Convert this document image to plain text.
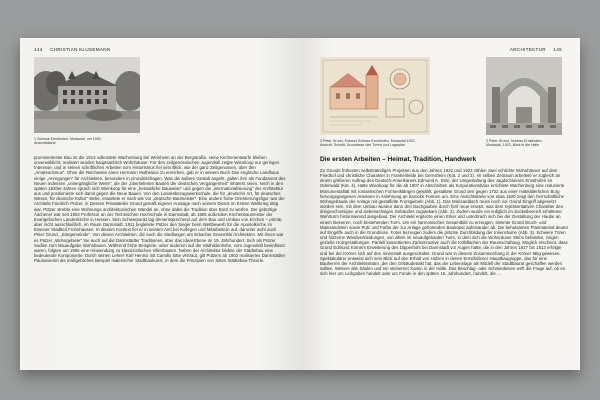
144 CHRISTIAN KLUSEMANN
1 Schloss Ernsthofen, Modautal, um 1990, Ansichtskarte
prominentester Bau ist die 1913 vollendete Wachenburg bei Weinheim an der Bergstraße, seine Kirchenentwürfe blieben unverwirklicht, realisiert wurden hauptsächlich Wohnhäuser. Für den zeitgenössischen Jugendstil zeigte Wienkoop nur geringes Interesse, und in seinen schriftlichen Arbeiten vom Historismus fiel sein Blick, wie der ganz Zeitgenossen, über den „Amateurismus“. Ohne die Reichweite eines Hermann Muthesius zu erreichen, gab er in seinem Buch Das englische Landhaus einige „Anregungen“ für Architekten, besonders in Grundrissfragen. Was die äußere Gestalt angeht, galten ihm als Fundament des Neuen indessen „unvergängliche Werte“, die der „überlieferten Bauten der deutschen Vergangenheit“ inhärent seien. Noch in den späten 1920er-Jahren sprach sich Wienkoop für eine „heimatliche Bauweise“ und gegen die „internationalisierung“ der Architektur aus und positionierte sich damit gegen die Neue Bauen. Von den Landesbezugswerkschule, die für „deutsche Art, für deutsches Wesen, für deutsche Kultur“ stehe, erwartete er nach wie vor „deutsche Baumeister“. Eine andere frühe Orientierungsfigur war der Architekt Friedrich Pützer, in Dessen Privatatelier Grund gemäß eigener Aussage nach seinem Dienst im Ersten Weltkrieg tätig war. Pützer strebte eine Wohnungs architektonischen Wandel an, ohne dabei die Tradition über Bord zu werfen. Der gebürtige Aachener war seit 1902 Professor an der Technischen Hochschule in Darmstadt, ab 1905 außerdem Kirchenbaumeister der Evangelischen Landeskirche in Hessen. Sein Schwerpunkt lag dementsprechend auf dem Bau und Umbau von Kirchen – primär, aber nicht ausschließlich, im Raum Darmstadt. 1911 begleitete Pützer den Sieger beim Wettbewerb für die Apostelkirche im Essener Stadtteil Frohnhausen. In diesem Kontext fiel er in seinem Amt bei Kollegen und Mitarbeitern auf, darunter wohl auch Peter Grund, „Stürgemeinde“. Von diesen Architekten, die auch die Siedlungen am Erbacher Ensemble Architekten. Mit ihnen war es Pützer „Wohngebiete“ Sie auch auf die Darmstädter Traditionen, aber das Ideal-Ebene im 19. Jahrhundert. Sich als Pützer Sudien zum Bauaufgabe Wohnbauen. Während frühe Beispiele, unter anderem auf der Mathildenhöhe, vom Jugendstil beeinflusst waren, folgten um 1906 eine Hinwendung zu klassizistischen Villenbauten. Neben der Architektur bildete der Städtebau eine bedeutende Komponente. Durch seinen Lehrer Karl Henrici mit Camillo Sitte vertraut, gilt Pützers ab 1902 realisiertes Darmstädter Paulusviertel als maßgebliches Beispiel malerischer Stadtbaukunst, in dem die Prinzipien von Sittes Städtebau-Theorie.
ARCHITEKTUR 145
2 Peter Grund, Entwurf Schloss Ernsthofen, Modautal 1922, Ansicht, Schnitt, Grundrisse des Turms und Lageplan
3 Peter Grund, Schloss Ernsthofen, Modautal, 1922, Blick in die Halle
Die ersten Arbeiten – Heimat, Tradition, Handwerk
Zu Grunds frühesten selbstständigen Projekten aus den Jahren 1922 und 1923 zählen zwei schlichte Wohnhäuser auf dem Friedhof und christliche Charakter in Frankenfelde bei Gernsheim (Kat. 2 und 3). Im selben Zeitraum arbeitete er zugleich an einem größeren Auftrag des Deutsch-Amerikaners Edmund A. Stirn, der Umgestaltung des Jagdschlosses Ernsthofen im Odenwald (Kat. 4). Hatte Wienkoop für die ab 1907 in Abschnitten als Korporationshaus errichtete Wachenburg eine reduzierte Monumentalität mit romantischen Formenklängen gewählt, gestaltete Grund den gegen 1722 aus einer mittelalterlichen Burg hervorgegangenen Anwesen in Anlehnung an barocke Formen um. Eine Ansichtskarte von etwa 1920 zeigt den herrschaftliche Wohngebäude der Anlage mit gestaffelte Frontgiebeln (Abb. 1). Das Mansarddach muss noch vor Grund Eingriff abgesetzt worden sein, mit dem Umbau wurden dann drei Dachgauben durch fünf neue ersetzt, was dem repräsentativen Charakter des dreigeschossigen und siebenachsigen Gebäudes zugutekam (Abb. 2). Zudem wurde ein lediglich im Sockelbereich erhaltener Wehrturm historisierend ausgebaut. Der Architekt ergänzte einen Erker und unterbrach sich bei der Gestaltung der Haube an einem kleineren, noch bestehenden Turm. Um ein harmonisches Gesamtbild zu erzeugen, stimmte Grund Bruch- und Mainsandstein sowie Putz und Farbe der zur Anlage gehörenden Bauköper aufeinander ab. Die behutsamen Planmaterial deutet auf Eingriffe auch in die Grundrisse. Fotos bezeugen zudem die präzise Durchbildung der Innenräume (Abb. 3). Schwere Türen und hölzerne Wandverkleidungen, von allem im neuaufgebauten Turm, in dem sich die Wohnräume Stirns befanden, zeigen gezielte Holzgestaltungen. Partiell kassettierten Zackenmotive auch die Kölbflächen der Raumschaftung. Möglich erscheint, dass Grund Edmund Körners Erweiterung des Dipperhofs bei Darmstadt vor Augen hatte, die in den Jahren 1917 bis 1913 erfolgte und bei der Körner sich auf den Innenstatt ausgeschaltet. Grund war in diesem Zusammenhang in der Körner tätig gewesen. Spektakulärer entweist sich sein Blick auf den Erhalt von Holzen in denen Ernsthofener Hauptbaugruppe, das für eine Bauherren der Architektenbüro „der den Gebäudetrakt hat, das der Lebenslage als Modell der Stadtbaurat geschaffen werden sollten. Weitere alte Säulen und ein steinerner Kamin in der Halle. Das Beschlag- oder Schmiedeisen wirft die Frage auf, ob es sich hier um Leihgaben handelt oder um Funde in den späten 16. Jahrhundert, handelt, die ...
